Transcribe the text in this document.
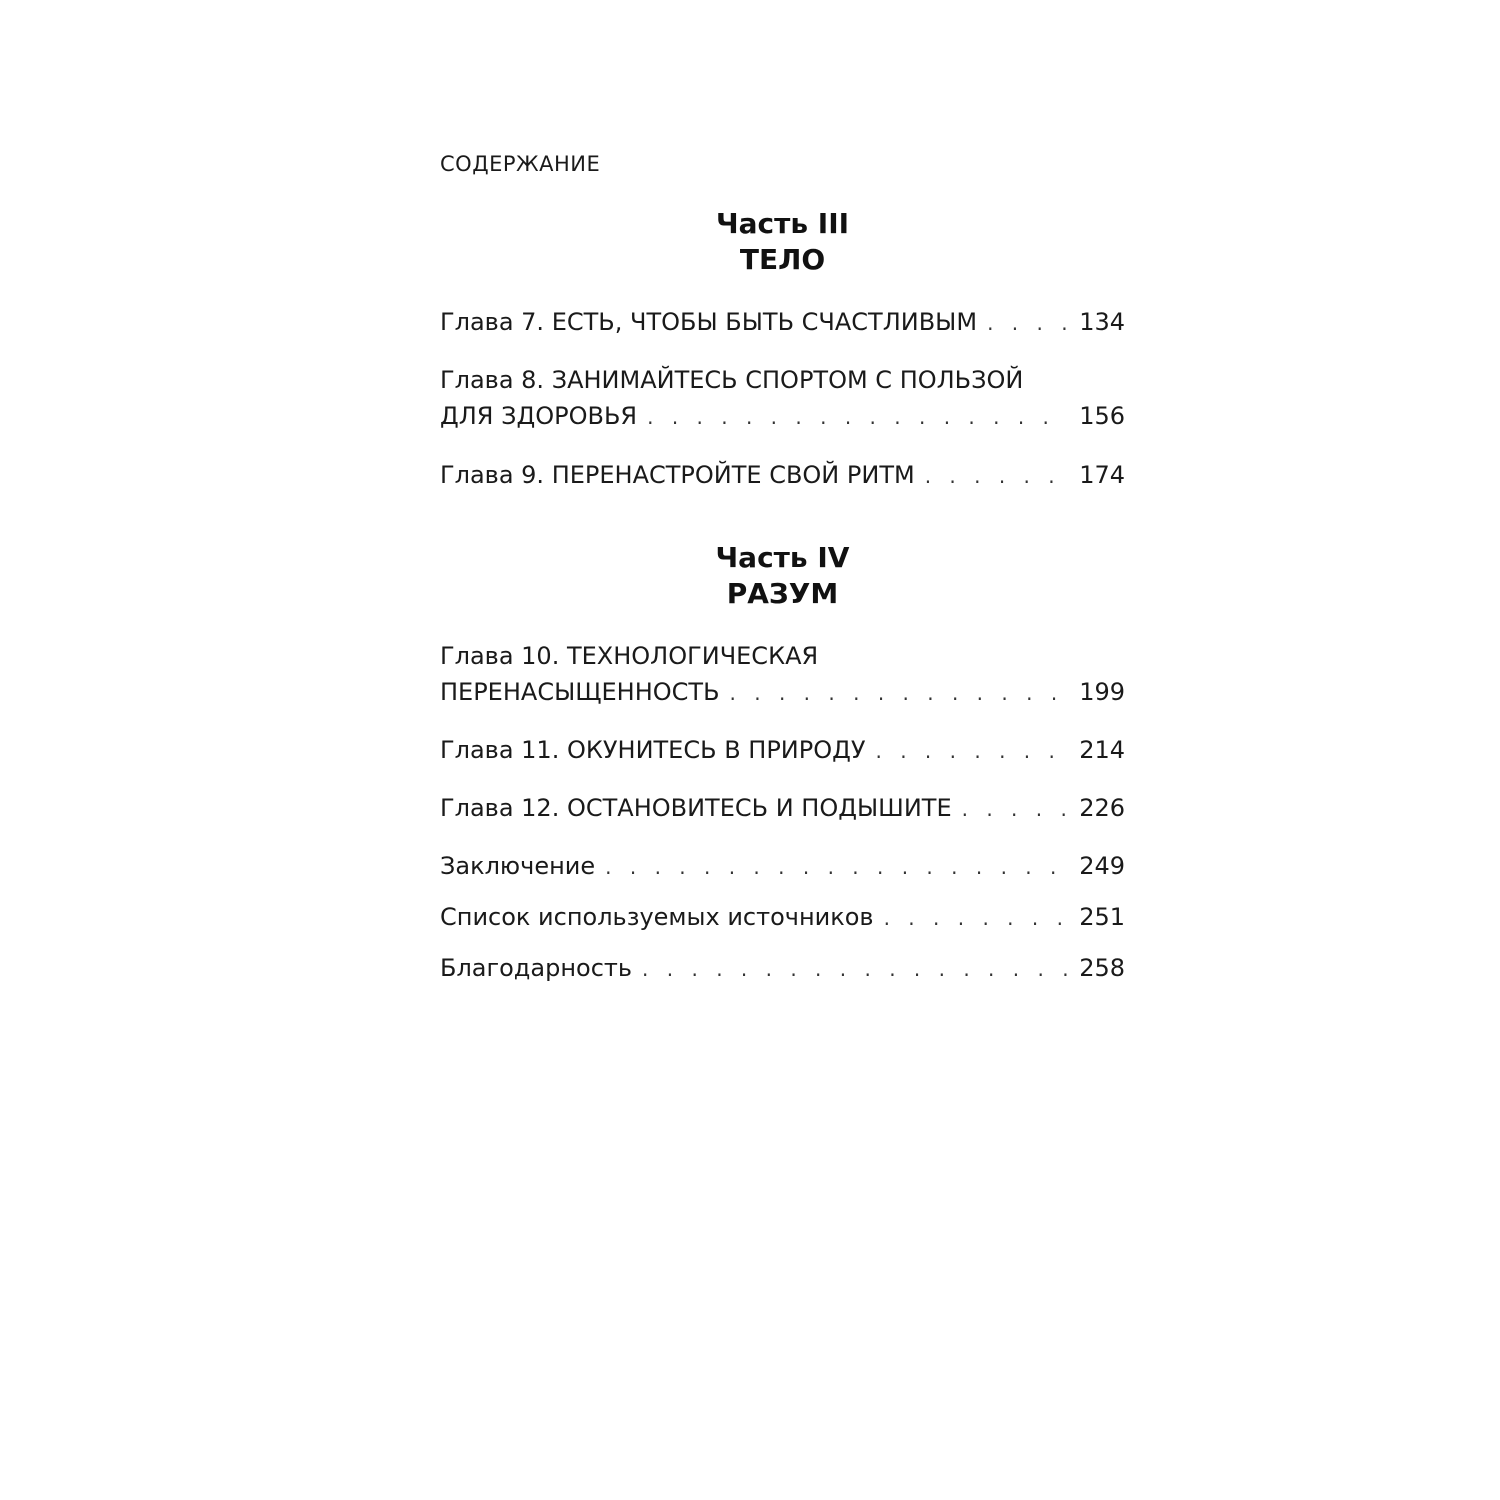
СОДЕРЖАНИЕ
Часть III
ТЕЛО
Глава 7. ЕСТЬ, ЧТОБЫ БЫТЬ СЧАСТЛИВЫМ . . .	134
Глава 8. ЗАНИМАЙТЕСЬ СПОРТОМ С ПОЛЬЗОЙ
ДЛЯ ЗДОРОВЬЯ . . .	156
Глава 9. ПЕРЕНАСТРОЙТЕ СВОЙ РИТМ . . .	174
Часть IV
РАЗУМ
Глава 10. ТЕХНОЛОГИЧЕСКАЯ
ПЕРЕНАСЫЩЕННОСТЬ . . .	199
Глава 11. ОКУНИТЕСЬ В ПРИРОДУ . . .	214
Глава 12. ОСТАНОВИТЕСЬ И ПОДЫШИТЕ . . .	226
Заключение . . .	249
Список используемых источников . . .	251
Благодарность . . .	258
